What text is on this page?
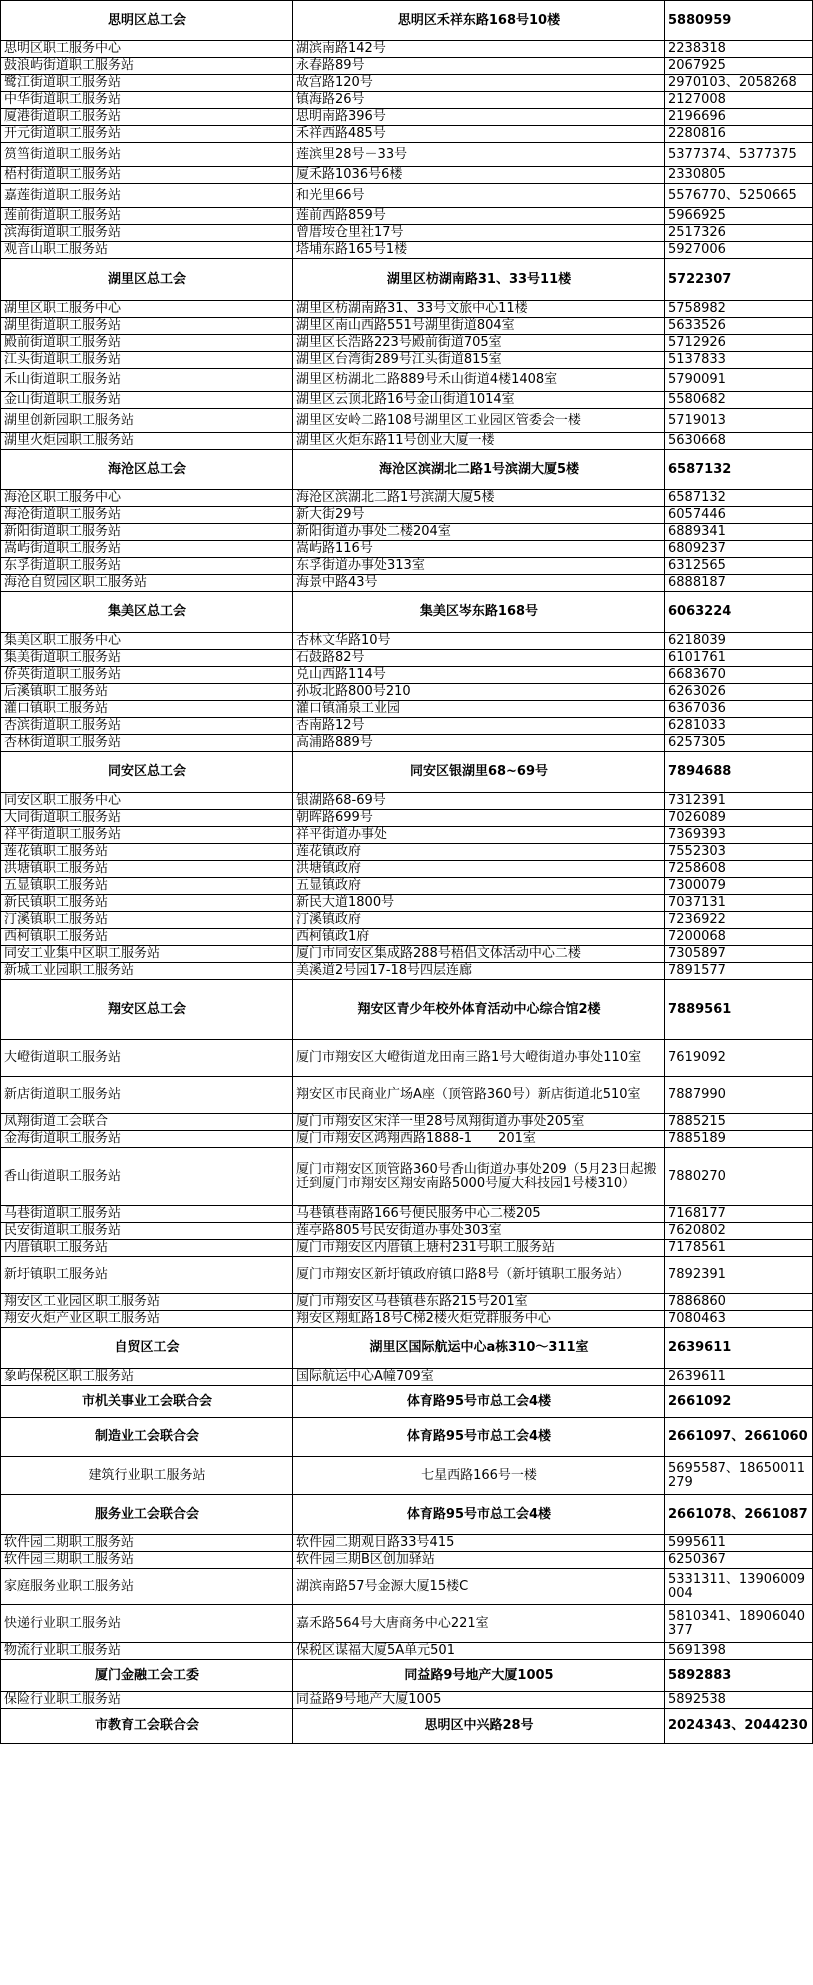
思明区总工会	思明区禾祥东路168号10楼	5880959
思明区职工服务中心	湖滨南路142号	2238318
鼓浪屿街道职工服务站	永春路89号	2067925
鹭江街道职工服务站	故宫路120号	2970103、2058268
中华街道职工服务站	镇海路26号	2127008
厦港街道职工服务站	思明南路396号	2196696
开元街道职工服务站	禾祥西路485号	2280816
筼筜街道职工服务站	莲滨里28号－33号	5377374、5377375
梧村街道职工服务站	厦禾路1036号6楼	2330805
嘉莲街道职工服务站	和光里66号	5576770、5250665
莲前街道职工服务站	莲前西路859号	5966925
滨海街道职工服务站	曾厝垵仓里社17号	2517326
观音山职工服务站	塔埔东路165号1楼	5927006
湖里区总工会	湖里区枋湖南路31、33号11楼	5722307
湖里区职工服务中心	湖里区枋湖南路31、33号文旅中心11楼	5758982
湖里街道职工服务站	湖里区南山西路551号湖里街道804室	5633526
殿前街道职工服务站	湖里区长浩路223号殿前街道705室	5712926
江头街道职工服务站	湖里区台湾街289号江头街道815室	5137833
禾山街道职工服务站	湖里区枋湖北二路889号禾山街道4楼1408室	5790091
金山街道职工服务站	湖里区云顶北路16号金山街道1014室	5580682
湖里创新园职工服务站	湖里区安岭二路108号湖里区工业园区管委会一楼	5719013
湖里火炬园职工服务站	湖里区火炬东路11号创业大厦一楼	5630668
海沧区总工会	海沧区滨湖北二路1号滨湖大厦5楼	6587132
海沧区职工服务中心	海沧区滨湖北二路1号滨湖大厦5楼	6587132
海沧街道职工服务站	新大街29号	6057446
新阳街道职工服务站	新阳街道办事处二楼204室	6889341
嵩屿街道职工服务站	嵩屿路116号	6809237
东孚街道职工服务站	东孚街道办事处313室	6312565
海沧自贸园区职工服务站	海景中路43号	6888187
集美区总工会	集美区岑东路168号	6063224
集美区职工服务中心	杏林文华路10号	6218039
集美街道职工服务站	石鼓路82号	6101761
侨英街道职工服务站	兑山西路114号	6683670
后溪镇职工服务站	孙坂北路800号210	6263026
灌口镇职工服务站	灌口镇涌泉工业园	6367036
杏滨街道职工服务站	杏南路12号	6281033
杏林街道职工服务站	高浦路889号	6257305
同安区总工会	同安区银湖里68~69号	7894688
同安区职工服务中心	银湖路68-69号	7312391
大同街道职工服务站	朝晖路699号	7026089
祥平街道职工服务站	祥平街道办事处	7369393
莲花镇职工服务站	莲花镇政府	7552303
洪塘镇职工服务站	洪塘镇政府	7258608
五显镇职工服务站	五显镇政府	7300079
新民镇职工服务站	新民大道1800号	7037131
汀溪镇职工服务站	汀溪镇政府	7236922
西柯镇职工服务站	西柯镇政1府	7200068
同安工业集中区职工服务站	厦门市同安区集成路288号梧侣文体活动中心二楼	7305897
新城工业园职工服务站	美溪道2号园17-18号四层连廊	7891577
翔安区总工会	翔安区青少年校外体育活动中心综合馆2楼	7889561
大嶝街道职工服务站	厦门市翔安区大嶝街道龙田南三路1号大嶝街道办事处110室	7619092
新店街道职工服务站	翔安区市民商业广场A座（顶管路360号）新店街道北510室	7887990
凤翔街道工会联合	厦门市翔安区宋洋一里28号凤翔街道办事处205室	7885215
金海街道职工服务站	厦门市翔安区鸿翔西路1888-1　　201室	7885189
香山街道职工服务站	厦门市翔安区顶管路360号香山街道办事处209（5月23日起搬迁到厦门市翔安区翔安南路5000号厦大科技园1号楼310）	7880270
马巷街道职工服务站	马巷镇巷南路166号便民服务中心二楼205	7168177
民安街道职工服务站	莲亭路805号民安街道办事处303室	7620802
内厝镇职工服务站	厦门市翔安区内厝镇上塘村231号职工服务站	7178561
新圩镇职工服务站	厦门市翔安区新圩镇政府镇口路8号（新圩镇职工服务站）	7892391
翔安区工业园区职工服务站	厦门市翔安区马巷镇巷东路215号201室	7886860
翔安火炬产业区职工服务站	翔安区翔虹路18号C梯2楼火炬党群服务中心	7080463
自贸区工会	湖里区国际航运中心a栋310～311室	2639611
象屿保税区职工服务站	国际航运中心A幢709室	2639611
市机关事业工会联合会	体育路95号市总工会4楼	2661092
制造业工会联合会	体育路95号市总工会4楼	2661097、2661060
建筑行业职工服务站	七星西路166号一楼	5695587、18650011279
服务业工会联合会	体育路95号市总工会4楼	2661078、2661087
软件园二期职工服务站	软件园二期观日路33号415	5995611
软件园三期职工服务站	软件园三期B区创加驿站	6250367
家庭服务业职工服务站	湖滨南路57号金源大厦15楼C	5331311、13906009004
快递行业职工服务站	嘉禾路564号大唐商务中心221室	5810341、18906040377
物流行业职工服务站	保税区谋福大厦5A单元501	5691398
厦门金融工会工委	同益路9号地产大厦1005	5892883
保险行业职工服务站	同益路9号地产大厦1005	5892538
市教育工会联合会	思明区中兴路28号	2024343、2044230
